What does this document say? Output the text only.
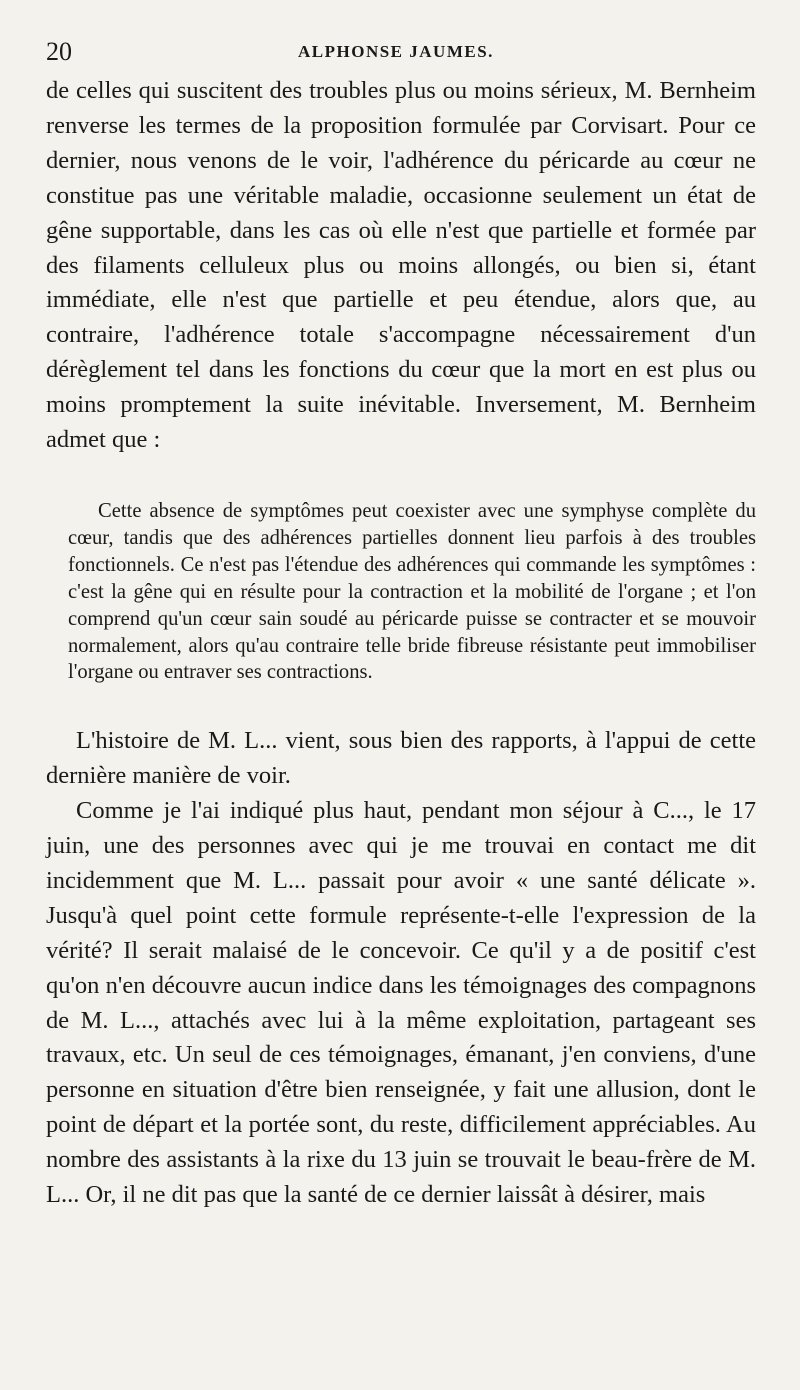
20	ALPHONSE JAUMES.

de celles qui suscitent des troubles plus ou moins sérieux, M. Bernheim renverse les termes de la proposition formulée par Corvisart. Pour ce dernier, nous venons de le voir, l'adhérence du péricarde au cœur ne constitue pas une véritable maladie, occasionne seulement un état de gêne supportable, dans les cas où elle n'est que partielle et formée par des filaments celluleux plus ou moins allongés, ou bien si, étant immédiate, elle n'est que partielle et peu étendue, alors que, au contraire, l'adhérence totale s'accompagne nécessairement d'un dérèglement tel dans les fonctions du cœur que la mort en est plus ou moins promptement la suite inévitable. Inversement, M. Bernheim admet que :

Cette absence de symptômes peut coexister avec une symphyse complète du cœur, tandis que des adhérences partielles donnent lieu parfois à des troubles fonctionnels. Ce n'est pas l'étendue des adhérences qui commande les symptômes : c'est la gêne qui en résulte pour la contraction et la mobilité de l'organe ; et l'on comprend qu'un cœur sain soudé au péricarde puisse se contracter et se mouvoir normalement, alors qu'au contraire telle bride fibreuse résistante peut immobiliser l'organe ou entraver ses contractions.

L'histoire de M. L... vient, sous bien des rapports, à l'appui de cette dernière manière de voir.

Comme je l'ai indiqué plus haut, pendant mon séjour à C..., le 17 juin, une des personnes avec qui je me trouvai en contact me dit incidemment que M. L... passait pour avoir « une santé délicate ». Jusqu'à quel point cette formule représente-t-elle l'expression de la vérité? Il serait malaisé de le concevoir. Ce qu'il y a de positif c'est qu'on n'en découvre aucun indice dans les témoignages des compagnons de M. L..., attachés avec lui à la même exploitation, partageant ses travaux, etc. Un seul de ces témoignages, émanant, j'en conviens, d'une personne en situation d'être bien renseignée, y fait une allusion, dont le point de départ et la portée sont, du reste, difficilement appréciables. Au nombre des assistants à la rixe du 13 juin se trouvait le beau-frère de M. L... Or, il ne dit pas que la santé de ce dernier laissât à désirer, mais
